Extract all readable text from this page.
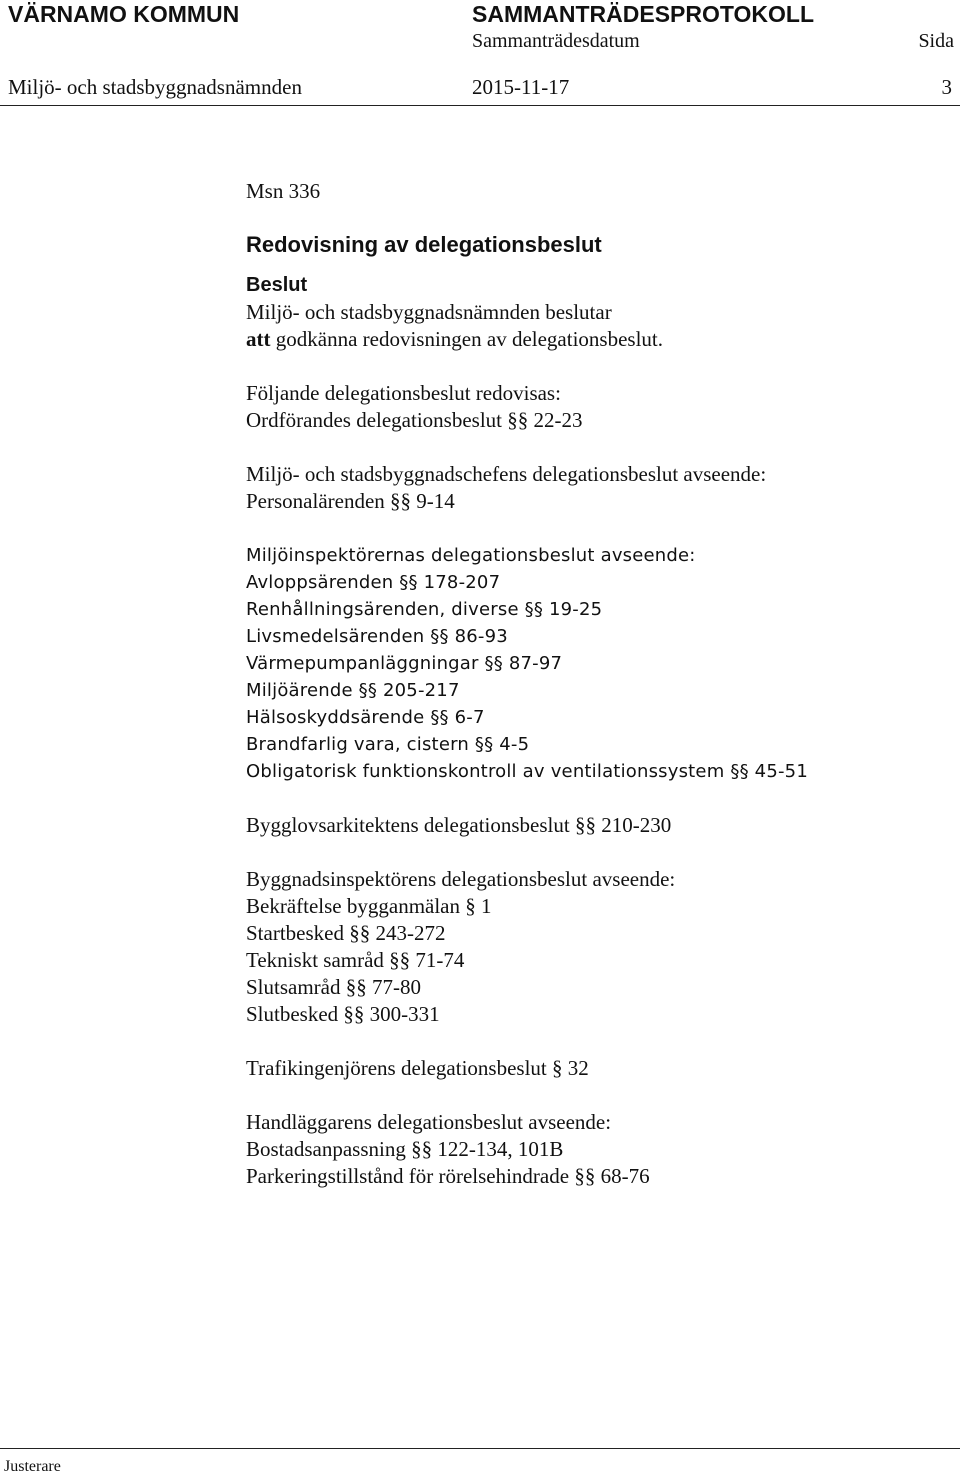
VÄRNAMO KOMMUN	SAMMANTRÄDESPROTOKOLL
Sammanträdesdatum	Sida
Miljö- och stadsbyggnadsnämnden	2015-11-17	3
Msn 336
Redovisning av delegationsbeslut
Beslut
Miljö- och stadsbyggnadsnämnden beslutar
att godkänna redovisningen av delegationsbeslut.
Följande delegationsbeslut redovisas:
Ordförandes delegationsbeslut §§ 22-23
Miljö- och stadsbyggnadschefens delegationsbeslut avseende:
Personalärenden §§ 9-14
Miljöinspektörernas delegationsbeslut avseende:
Avloppsärenden §§ 178-207
Renhållningsärenden, diverse §§ 19-25
Livsmedelsärenden §§ 86-93
Värmepumpanläggningar §§ 87-97
Miljöärende §§ 205-217
Hälsoskyddsärende §§ 6-7
Brandfarlig vara, cistern §§ 4-5
Obligatorisk funktionskontroll av ventilationssystem §§ 45-51
Bygglovsarkitektens delegationsbeslut §§ 210-230
Byggnadsinspektörens delegationsbeslut avseende:
Bekräftelse bygganmälan § 1
Startbesked §§ 243-272
Tekniskt samråd §§ 71-74
Slutsamråd §§ 77-80
Slutbesked §§ 300-331
Trafikingenjörens delegationsbeslut § 32
Handläggarens delegationsbeslut avseende:
Bostadsanpassning §§ 122-134, 101B
Parkeringstillstånd för rörelsehindrade §§ 68-76
Justerare
